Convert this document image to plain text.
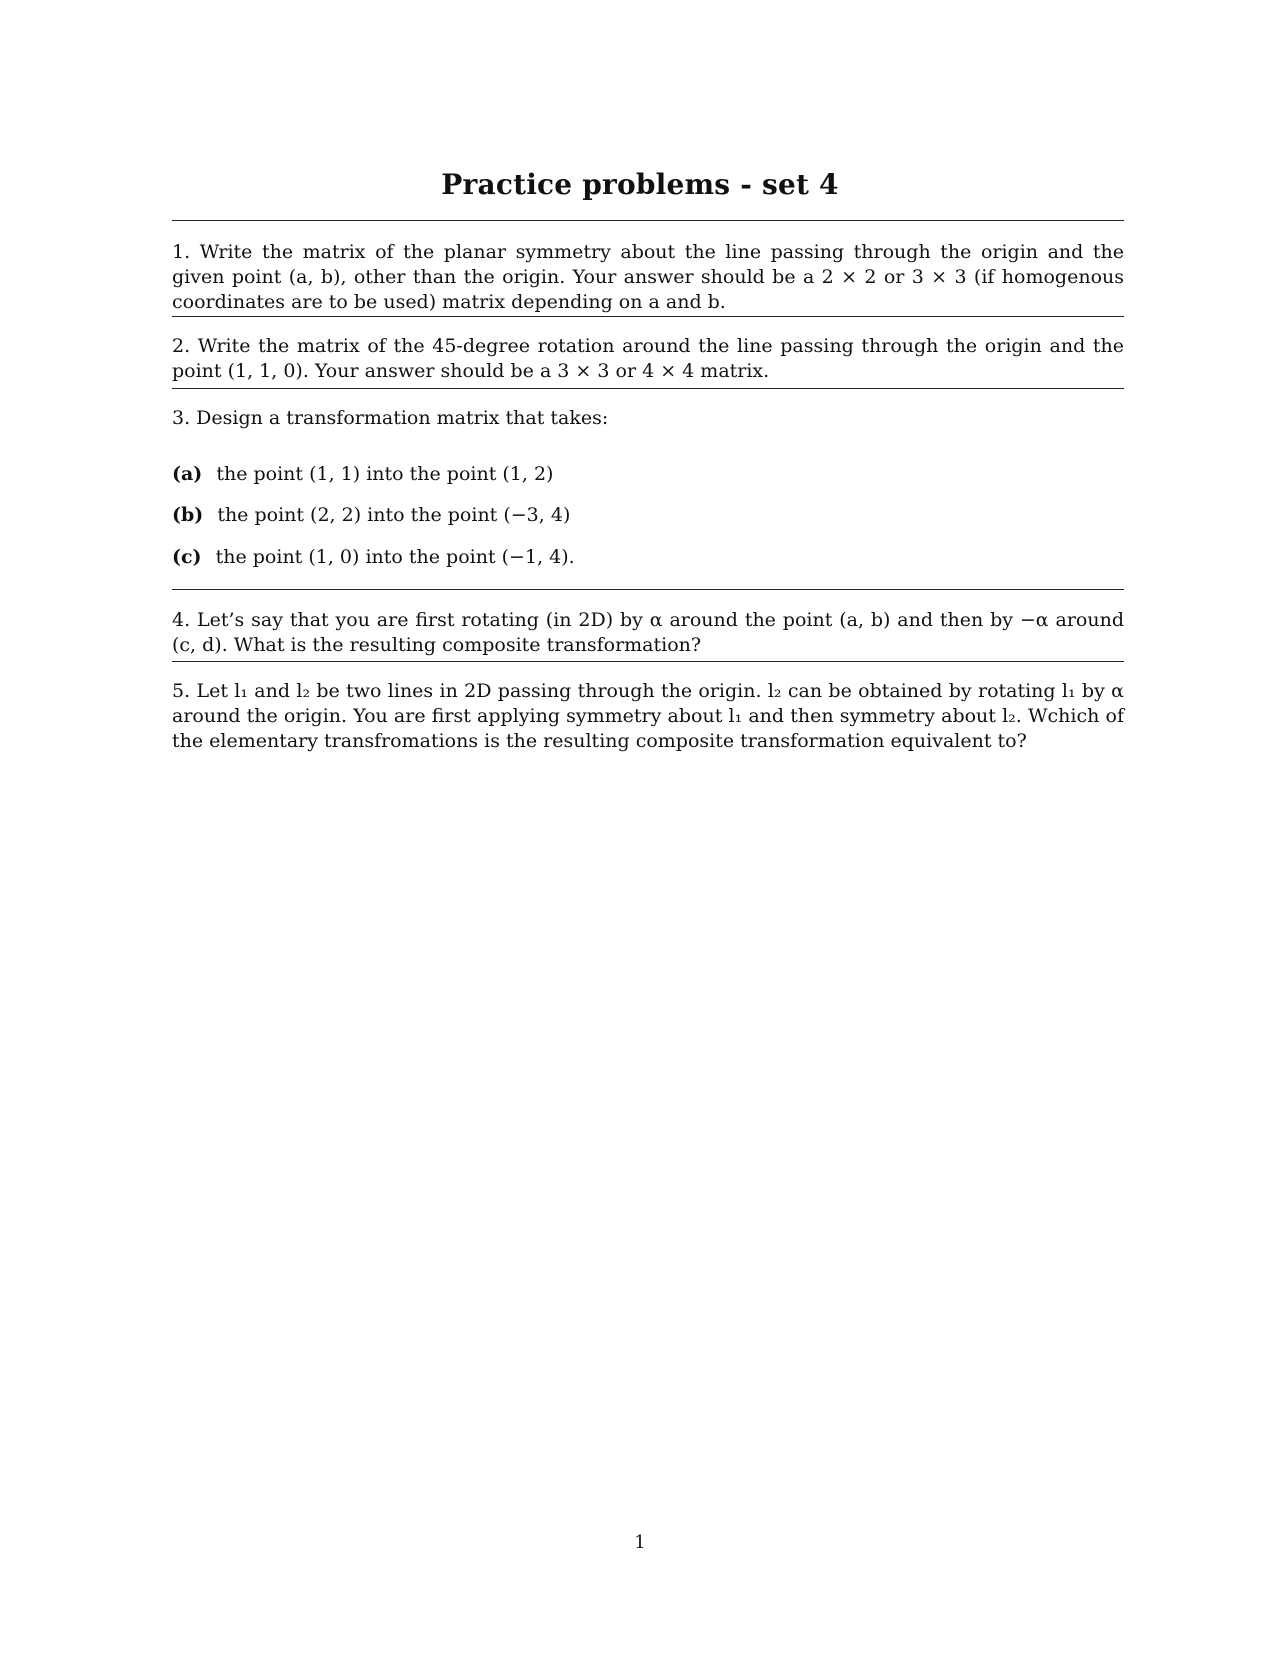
Practice problems - set 4
1. Write the matrix of the planar symmetry about the line passing through the origin and the given point (a, b), other than the origin. Your answer should be a 2 × 2 or 3 × 3 (if homogenous coordinates are to be used) matrix depending on a and b.
2. Write the matrix of the 45-degree rotation around the line passing through the origin and the point (1, 1, 0). Your answer should be a 3 × 3 or 4 × 4 matrix.
3. Design a transformation matrix that takes:
(a) the point (1, 1) into the point (1, 2)
(b) the point (2, 2) into the point (−3, 4)
(c) the point (1, 0) into the point (−1, 4).
4. Let’s say that you are first rotating (in 2D) by α around the point (a, b) and then by −α around (c, d). What is the resulting composite transformation?
5. Let l₁ and l₂ be two lines in 2D passing through the origin. l₂ can be obtained by rotating l₁ by α around the origin. You are first applying symmetry about l₁ and then symmetry about l₂. Wchich of the elementary transfromations is the resulting composite transformation equivalent to?
1
